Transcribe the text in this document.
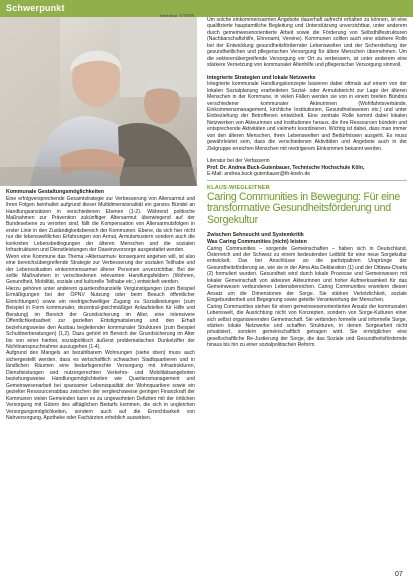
Schwerpunkt

Kommunale Gestaltungsmöglichkeiten

Eine erfolgversprechende Gesamtstrategie zur Verbesserung von Altersarmut und ihren Folgen beinhaltet aufgrund dieser Multidimensionalität ein ganzes Bündel an Handlungsansätzen in verschiedenen Ebenen (1-2). Während politische Maßnahmen zur Prävention zukünftiger Altersarmut überwiegend auf der Bundesebene zu verorten sind, fällt die Kompensation von Altersarmutsfolgen in erster Linie in den Zuständigkeitsbereich der Kommunen. Ebene, da sich hier nicht nur die lebensweltlichen Erfahrungen von Armut, Armutsmustern sondern auch die konkreten Lebensbedingungen der älteren Menschen und die sozialen Infrastrukturen und Dienstleistungen der Daseinsvorsorge ausgestaltet werden.

Wenn eine Kommune das Thema »Altersarmut« konsequent angehen will, ist also eine bereichsübergreifende Strategie zur Verbesserung der sozialen Teilhabe und der Lebenssituation einkommensarmer älterer Personen unverzichtbar. Bei der sollte Maßnahmen in verschiedenen relevanten Handlungsfeldern (Wohnen, Gesundheit, Mobilität, soziale und kulturelle Teilhabe etc.) entwickelt werden.

Hierzu gehören unter anderem quartiersfinanzielle Vergünstigungen (zum Beispiel Ermäßigungen bei der ÖPNV Nutzung oder beim Besuch öffentlicher Einrichtungen) sowie ein niedrigschwelliger Zugang zu Sozialleistungen (zum Beispiel in Form kommunaler, dezentral-gleichmäßiger Anlaufstellen für Hilfe und Beratung) im Bereich der Grundsicherung im Alter, eine intensivere Öffentlichkeitsarbeit zur gezielten Entstigmatisierung und den Erhalt beziehungsweise den Ausbau begleitender kommunaler Strukturen (zum Beispiel Schuldnerberatungen) (1,2). Dazu gehört im Bereich der Grundsicherung im Alter bis von einer hierbei, sozialpolitisch äußerst problematischen Dunkelziffer der Nichtinanspruchnahme auszugehen (1-4).

Aufgrund des Mangels an bezahlbarem Wohnungen (siehe oben) muss auch sichergestellt werden, dass es wirtschaftlich schwachen Stadtquartieren und in ländlichen Räumen eine bedarfsgerechte Versorgung mit Infrastrukturen, Dienstleistungen und nutzergerechten Verkehrs- und Mobilitätsangeboten beziehungsweise Handlungsmöglichkeiten wie Quartiersmanagement und Gemeinwesenarbeit bei sparsamer Lebensqualität der Wohnquartiere sowie ein gezielter Ressourcenabbau zwischen der vergleichsweise geringen Finanzkraft der Kommunen vielen Gemeinden kann es zu ungewohnten Defiziten mit der örtlichen Versorgung mit Gütern des alltäglichen Bedarfs kommen, die sich in ungleichen Versorgungsmöglichkeiten, sondern auch auf die Erreichbarkeit von Nahversorgung, Apotheke oder Fachärzten erheblich auswirken.

Um solche einkommensarmen Angebote dauerhaft aufrecht erhalten zu können, ist eine qualifizierte hauptamtliche Begleitung und Unterstützung unverzichtbar, unter anderem durch gemeinwesenorientierte Arbeit sowie die Förderung von Selbsthilfestrukturen (Nachbarschaftshilfe, Ehrenamt, Vereine). Kommunen sollten auch eine stärkere Rolle bei der Entwicklung gesundheitsfördernder Lebenswelten und der Sicherstellung der gesundheitlichen und pflegerischen Versorgung für ältere Menschen übernehmen. Um die sektorenübergreifende Versorgung vor Ort zu verbessern, ist unter anderem eine stärkere Vernetzung von kommunaler Altenhilfe und pflegerischer Versorgung sinnvoll.

Integrierte Strategien und lokale Netzwerke

Integrierte kommunale Handlungskonzepte basieren dabei oftmals auf einem von der lokalen Sozialplanung erarbeiteten Sozial- oder Armutsbericht zur Lage der älteren Menschen in der Kommune, in vielen Fällen werden sie von in einem breiten Bündnis verschiedener kommunaler Akteurinnen (Wohlfahrtsverbände, Einkommensmanagement, kirchliche Institutionen, Gesundheitswesen etc.) und unter Einbeziehung der Betroffenen entwickelt. Eine zentrale Rolle kommt dabei lokalen Netzwerken von Akteurinnen und Institutionen heraus, die ihre Ressourcen bündeln und entsprechende Aktivitäten und vielmehr koordinieren. Wichtig ist dabei, dass man immer von den älteren Menschen, ihren Lebenswelten und Bedürfnissen ausgeht. Es muss gewährleistet sein, dass die verschiedenen Aktivitäten und Angebote auch in der Zielgruppe erreichen Menschen mit niedrigerem Einkommen bekannt werden.

Literatur bei der Verfasserin

Prof. Dr. Andrea Buck-Gutenbauer, Technische Hochschule Köln,

E-Mail: andrea.buck-gutenbauer@th-koeln.de

KLAUS-WIEGLEITNER

Caring Communities in Bewegung: Für eine transformative Gesundheitsförderung und Sorgekultur

Zwischen Sehnsucht und Systemkritik

Was Caring Communities (nicht) leisten

Caring Communities – sorgende Gemeinschaften – haben sich in Deutschland, Österreich und der Schweiz zu einem bedeutenden Leitbild für eine neue Sorgekultur entwickelt. Das bei Anschlüsse an die partizipativen Ursprünge der Gesundheitsförderung an, wie sie in der Alma Ata Deklaration (1) und der Ottawa-Charta (2) formuliert wurden. Gesundheit wird durch lokale Prozesse und Gemeinwesen mit lokaler Gemeinschaft von akteuren Akteurinnen und hoher Aufmerksamkeit für das Gemeinwesen verbundenen Lebensbereichen. Caring Communities erweitern diesen Ansatz um die Dimensionen der Sorge. Sie stärken Verletzlichkeit, soziale Eingebundenheit und Begegnung sowie geteilte Verantwortung der Menschen.

Caring Communities stehen für einen gemeinwesenorientierten Ansatz der kommunalen Lebenswelt, die Ausrichtung nicht von Konzepten, sondern von Sorge-Kulturen einer sich selbst organisierenden Gemeinschaft. Sie verbinden formelle und informelle Sorge, stärken lokale Netzwerke und schaffen Strukturen, in denen Sorgearbeit nicht privatisiert, sondern gemeinschaftlich getragen wird. Sie ermöglichen eine gesellschaftliche Re-Justierung der Sorge, die das Soziale und Gesundheitsfördernde hinaus bis hin zu einer sozialpolitischen Reform.

07
